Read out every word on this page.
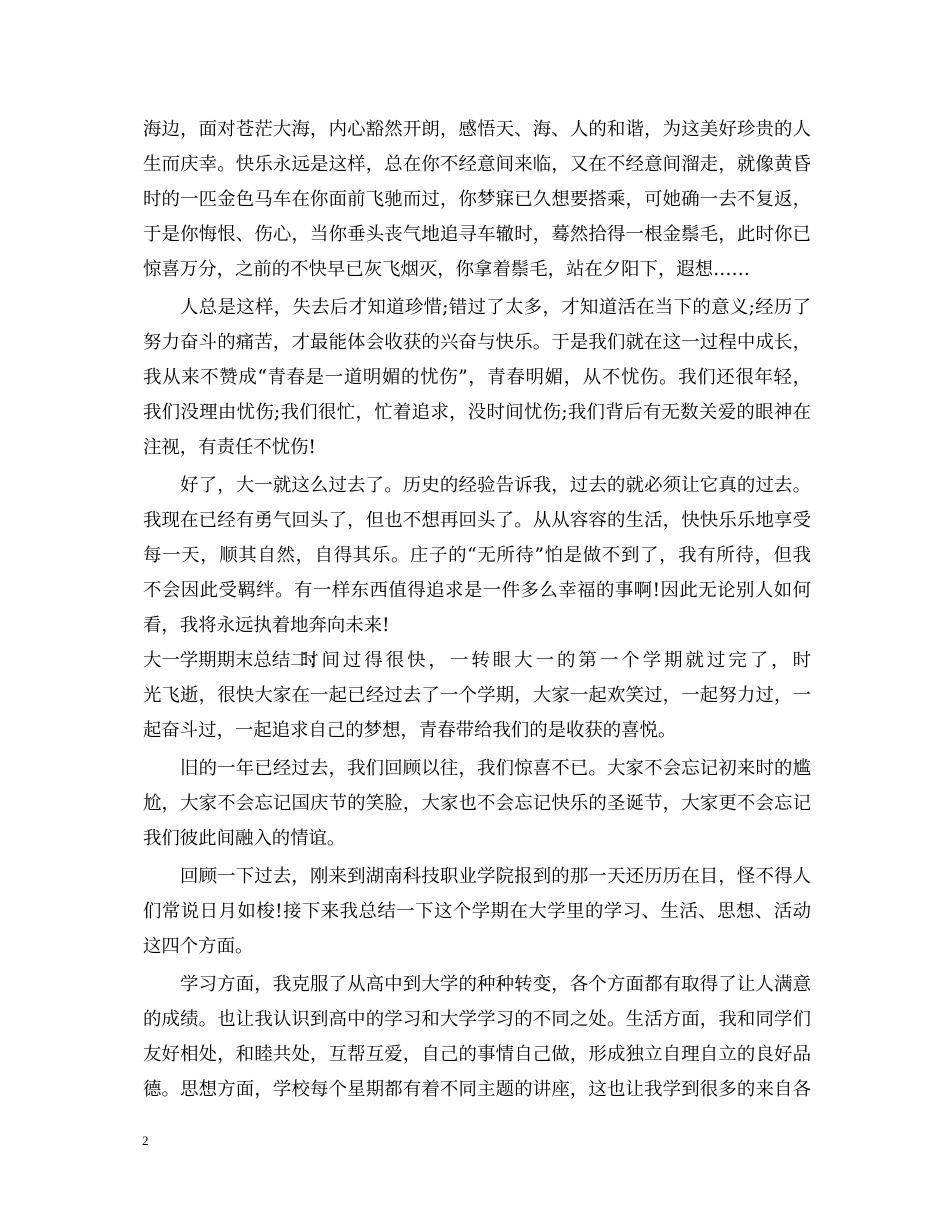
海边，面对苍茫大海，内心豁然开朗，感悟天、海、人的和谐，为这美好珍贵的人
生而庆幸。快乐永远是这样，总在你不经意间来临，又在不经意间溜走，就像黄昏
时的一匹金色马车在你面前飞驰而过，你梦寐已久想要搭乘，可她确一去不复返，
于是你悔恨、伤心，当你垂头丧气地追寻车辙时，蓦然拾得一根金鬃毛，此时你已
惊喜万分，之前的不快早已灰飞烟灭，你拿着鬃毛，站在夕阳下，遐想……
人总是这样，失去后才知道珍惜;错过了太多，才知道活在当下的意义;经历了
努力奋斗的痛苦，才最能体会收获的兴奋与快乐。于是我们就在这一过程中成长，
我从来不赞成“青春是一道明媚的忧伤”，青春明媚，从不忧伤。我们还很年轻，
我们没理由忧伤;我们很忙，忙着追求，没时间忧伤;我们背后有无数关爱的眼神在
注视，有责任不忧伤!
好了，大一就这么过去了。历史的经验告诉我，过去的就必须让它真的过去。
我现在已经有勇气回头了，但也不想再回头了。从从容容的生活，快快乐乐地享受
每一天，顺其自然，自得其乐。庄子的“无所待”怕是做不到了，我有所待，但我
不会因此受羁绊。有一样东西值得追求是一件多么幸福的事啊!因此无论别人如何
看，我将永远执着地奔向未来!
大一学期期末总结二：时间过得很快，一转眼大一的第一个学期就过完了，时
光飞逝，很快大家在一起已经过去了一个学期，大家一起欢笑过，一起努力过，一
起奋斗过，一起追求自己的梦想，青春带给我们的是收获的喜悦。
旧的一年已经过去，我们回顾以往，我们惊喜不已。大家不会忘记初来时的尴
尬，大家不会忘记国庆节的笑脸，大家也不会忘记快乐的圣诞节，大家更不会忘记
我们彼此间融入的情谊。
回顾一下过去，刚来到湖南科技职业学院报到的那一天还历历在目，怪不得人
们常说日月如梭!接下来我总结一下这个学期在大学里的学习、生活、思想、活动
这四个方面。
学习方面，我克服了从高中到大学的种种转变，各个方面都有取得了让人满意
的成绩。也让我认识到高中的学习和大学学习的不同之处。生活方面，我和同学们
友好相处，和睦共处，互帮互爱，自己的事情自己做，形成独立自理自立的良好品
德。思想方面，学校每个星期都有着不同主题的讲座，这也让我学到很多的来自各
2
